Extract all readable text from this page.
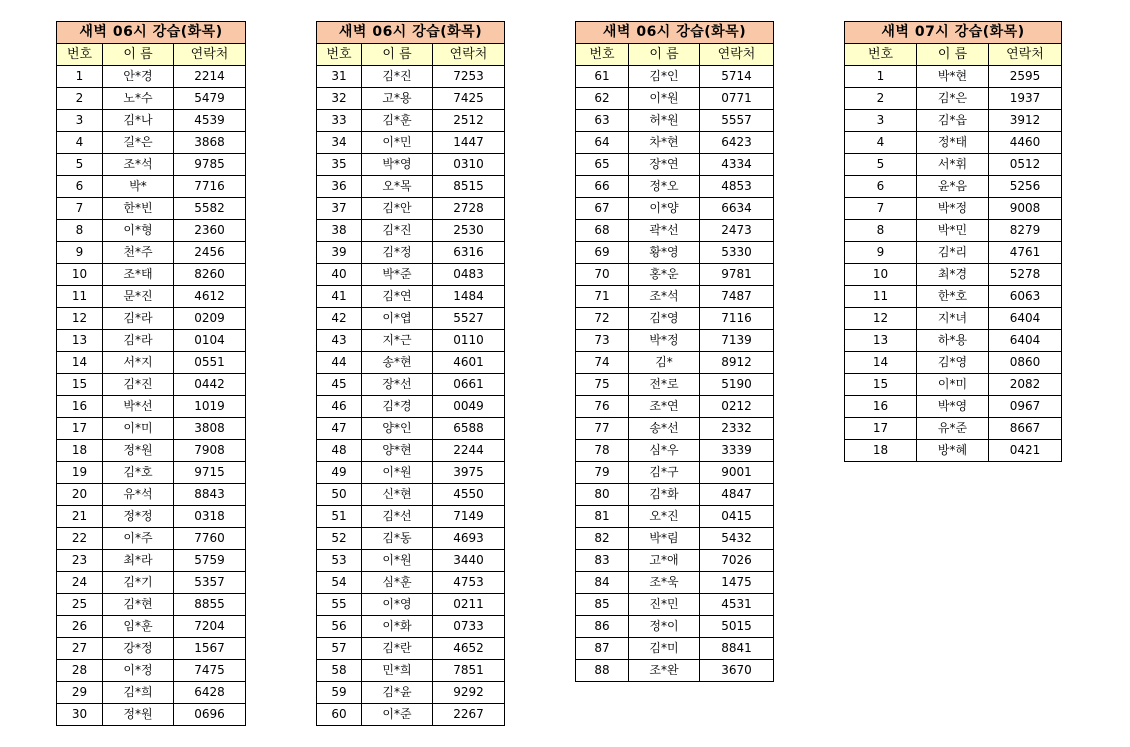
새벽 06시 강습(화목)		
번호	이 름	연락처
1	안*경	2214
2	노*수	5479
3	김*나	4539
4	길*은	3868
5	조*석	9785
6	박*	7716
7	한*빈	5582
8	이*형	2360
9	천*주	2456
10	조*태	8260
11	문*진	4612
12	김*라	0209
13	김*라	0104
14	서*지	0551
15	김*진	0442
16	박*선	1019
17	이*미	3808
18	정*원	7908
19	김*호	9715
20	유*석	8843
21	정*정	0318
22	이*주	7760
23	최*라	5759
24	김*기	5357
25	김*현	8855
26	임*훈	7204
27	강*정	1567
28	이*정	7475
29	김*희	6428
30	정*원	0696
새벽 06시 강습(화목)		
번호	이 름	연락처
31	김*진	7253
32	고*용	7425
33	김*훈	2512
34	이*민	1447
35	박*영	0310
36	오*목	8515
37	김*안	2728
38	김*진	2530
39	김*정	6316
40	박*준	0483
41	김*연	1484
42	이*엽	5527
43	지*근	0110
44	송*현	4601
45	장*선	0661
46	김*경	0049
47	양*인	6588
48	양*현	2244
49	이*원	3975
50	신*현	4550
51	김*선	7149
52	김*동	4693
53	이*원	3440
54	심*훈	4753
55	이*영	0211
56	이*화	0733
57	김*란	4652
58	민*희	7851
59	김*윤	9292
60	이*준	2267
새벽 06시 강습(화목)		
번호	이 름	연락처
61	김*인	5714
62	이*원	0771
63	허*원	5557
64	차*현	6423
65	장*연	4334
66	정*오	4853
67	이*양	6634
68	곽*선	2473
69	황*영	5330
70	홍*운	9781
71	조*석	7487
72	김*영	7116
73	박*정	7139
74	김*	8912
75	전*로	5190
76	조*연	0212
77	송*선	2332
78	심*우	3339
79	김*구	9001
80	김*화	4847
81	오*진	0415
82	박*림	5432
83	고*애	7026
84	조*욱	1475
85	진*민	4531
86	정*이	5015
87	김*미	8841
88	조*완	3670
새벽 07시 강습(화목)		
번호	이 름	연락처
1	박*현	2595
2	김*은	1937
3	김*읍	3912
4	정*태	4460
5	서*휘	0512
6	윤*음	5256
7	박*정	9008
8	박*민	8279
9	김*리	4761
10	최*경	5278
11	한*호	6063
12	지*녀	6404
13	하*용	6404
14	김*영	0860
15	이*미	2082
16	박*영	0967
17	유*준	8667
18	방*혜	0421
